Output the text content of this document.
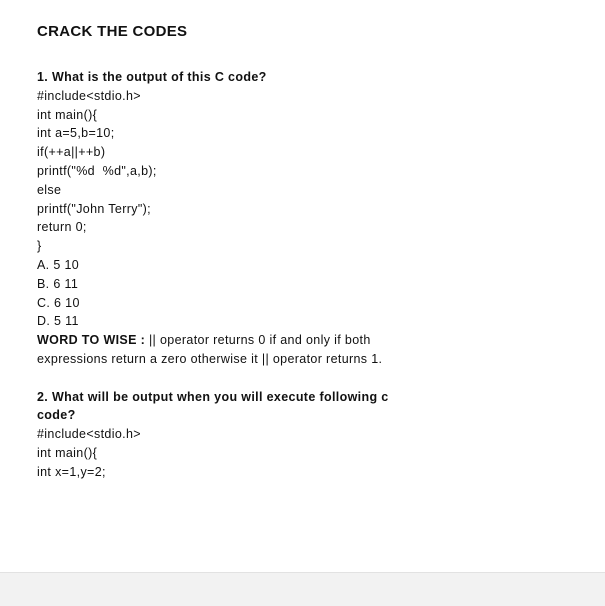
CRACK THE CODES
1. What is the output of this C code?
#include<stdio.h>
int main(){
int a=5,b=10;
if(++a||++b)
printf("%d  %d",a,b);
else
printf("John Terry");
return 0;
}
A. 5 10
B. 6 11
C. 6 10
D. 5 11
WORD TO WISE : || operator returns 0 if and only if both
expressions return a zero otherwise it || operator returns 1.
2. What will be output when you will execute following c
code?
#include<stdio.h>
int main(){
int x=1,y=2;
